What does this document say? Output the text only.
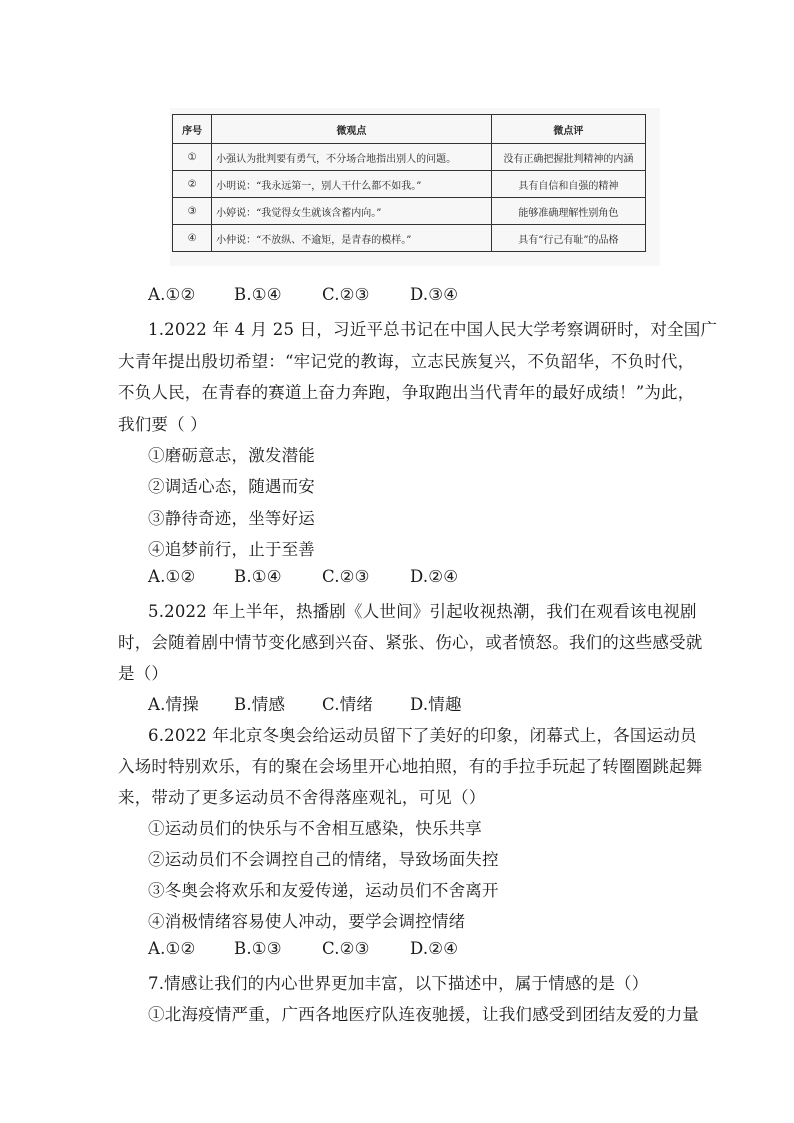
序号	微观点	微点评
①	小强认为批判要有勇气，不分场合地指出别人的问题。	没有正确把握批判精神的内涵
②	小明说：“我永远第一，别人干什么都不如我。”	具有自信和自强的精神
③	小婷说：“我觉得女生就该含蓄内向。”	能够准确理解性别角色
④	小仲说：“不放纵、不逾矩，是青春的模样。”	具有“行己有耻”的品格
A.①② B.①④ C.②③ D.③④
1.2022 年 4 月 25 日，习近平总书记在中国人民大学考察调研时，对全国广
大青年提出殷切希望：“牢记党的教诲，立志民族复兴，不负韶华，不负时代，
不负人民，在青春的赛道上奋力奔跑，争取跑出当代青年的最好成绩！”为此，
我们要（ ）
①磨砺意志，激发潜能
②调适心态，随遇而安
③静待奇迹，坐等好运
④追梦前行，止于至善
A.①② B.①④ C.②③ D.②④
5.2022 年上半年，热播剧《人世间》引起收视热潮，我们在观看该电视剧
时，会随着剧中情节变化感到兴奋、紧张、伤心，或者愤怒。我们的这些感受就
是（）
A.情操 B.情感 C.情绪 D.情趣
6.2022 年北京冬奥会给运动员留下了美好的印象，闭幕式上，各国运动员
入场时特别欢乐，有的聚在会场里开心地拍照，有的手拉手玩起了转圈圈跳起舞
来，带动了更多运动员不舍得落座观礼，可见（）
①运动员们的快乐与不舍相互感染，快乐共享
②运动员们不会调控自己的情绪，导致场面失控
③冬奥会将欢乐和友爱传递，运动员们不舍离开
④消极情绪容易使人冲动，要学会调控情绪
A.①② B.①③ C.②③ D.②④
7.情感让我们的内心世界更加丰富，以下描述中，属于情感的是（）
①北海疫情严重，广西各地医疗队连夜驰援，让我们感受到团结友爱的力量
